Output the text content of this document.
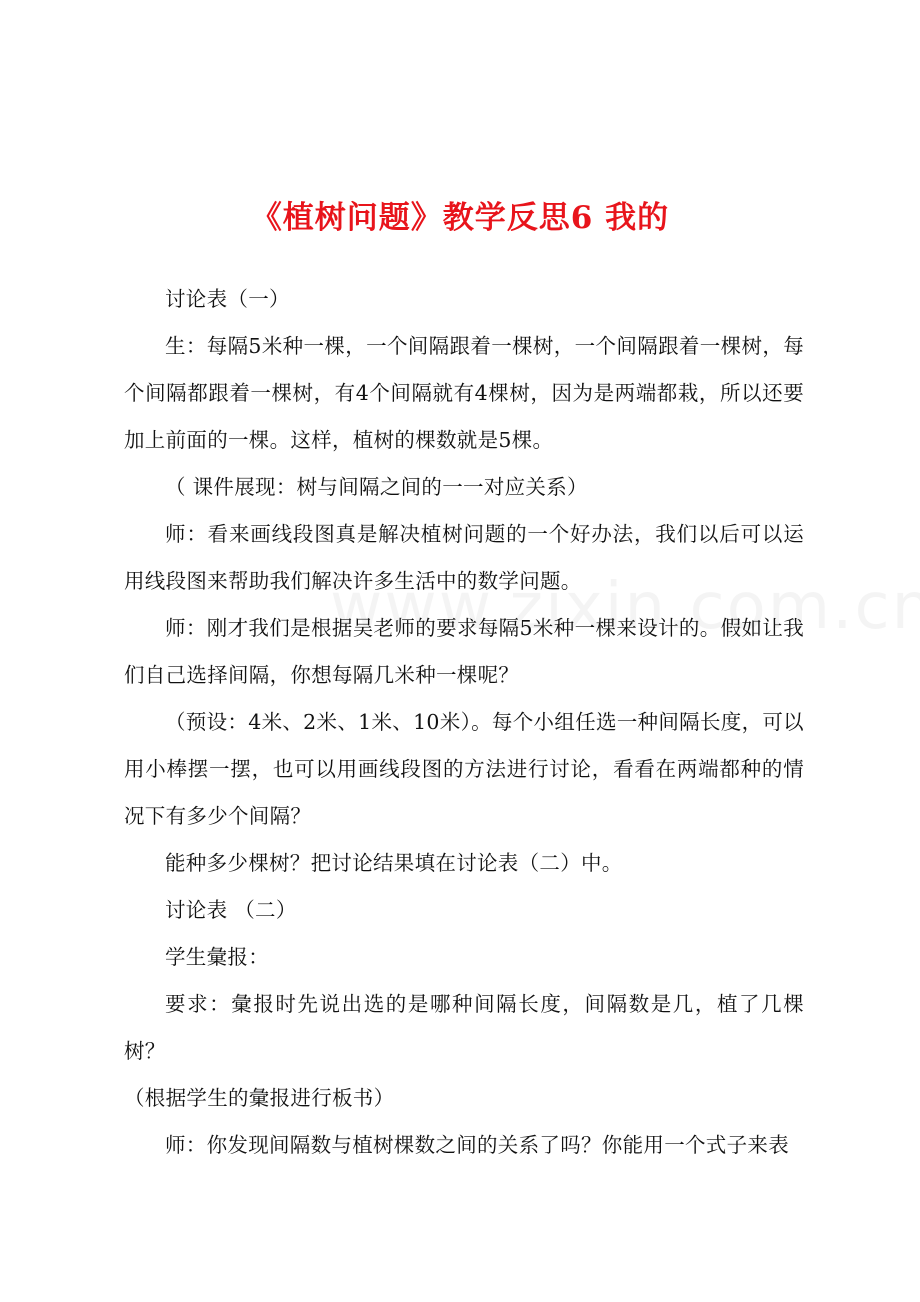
《植树问题》教学反思6 我的

讨论表（一）

生：每隔5米种一棵，一个间隔跟着一棵树，一个间隔跟着一棵树，每个间隔都跟着一棵树，有4个间隔就有4棵树，因为是两端都栽，所以还要加上前面的一棵。这样，植树的棵数就是5棵。

（ 课件展现：树与间隔之间的一一对应关系）

师：看来画线段图真是解决植树问题的一个好办法，我们以后可以运用线段图来帮助我们解决许多生活中的数学问题。

师：刚才我们是根据吴老师的要求每隔5米种一棵来设计的。假如让我们自己选择间隔，你想每隔几米种一棵呢？

（预设：4米、2米、1米、10米）。每个小组任选一种间隔长度，可以用小棒摆一摆，也可以用画线段图的方法进行讨论，看看在两端都种的情况下有多少个间隔？

能种多少棵树？把讨论结果填在讨论表（二）中。

讨论表 （二）

学生彙报：

要求：彙报时先说出选的是哪种间隔长度，间隔数是几，植了几棵树？

（根据学生的彙报进行板书）

师：你发现间隔数与植树棵数之间的关系了吗？你能用一个式子来表
